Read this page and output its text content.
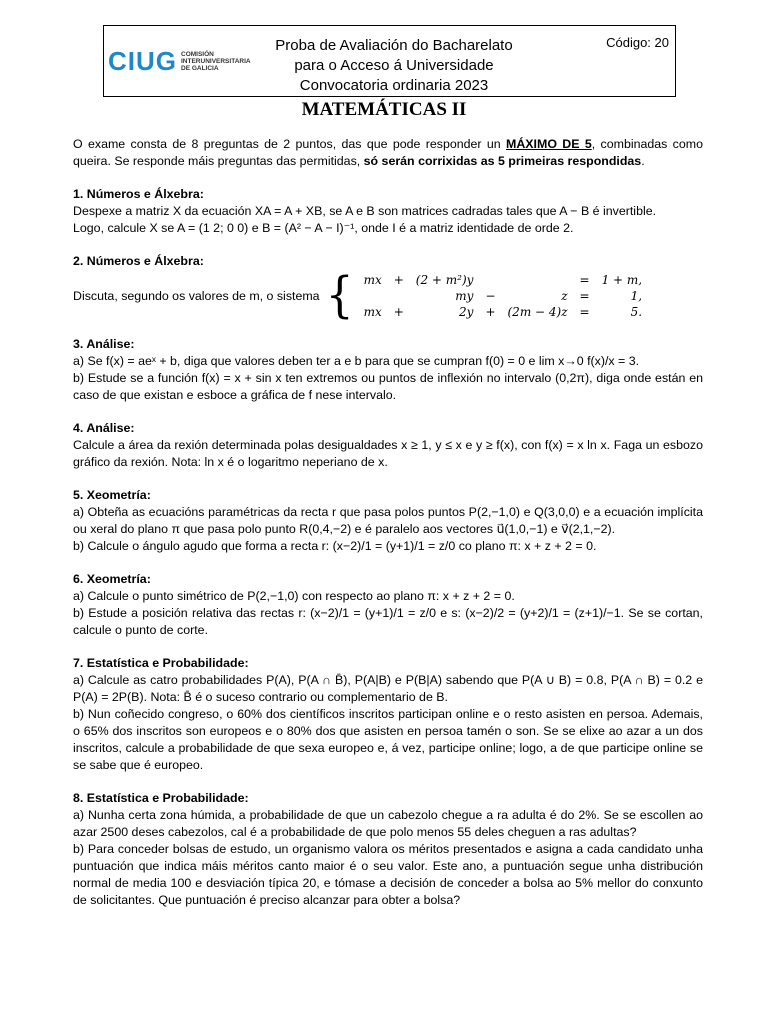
CIUG COMISIÓN
INTERUNIVERSITARIA
DE GALICIA
Proba de Avaliación do Bacharelato
para o Acceso á Universidade
Convocatoria ordinaria 2023
Código: 20
MATEMÁTICAS II

O exame consta de 8 preguntas de 2 puntos, das que pode responder un MÁXIMO DE 5, combinadas como queira. Se responde máis preguntas das permitidas, só serán corrixidas as 5 primeiras respondidas.

1. Números e Álxebra:
Despexe a matriz X da ecuación XA = A + XB, se A e B son matrices cadradas tales que A − B é invertible.
Logo, calcule X se A = (1 2; 0 0) e B = (A² − A − I)⁻¹, onde I é a matriz identidade de orde 2.
2. Números e Álxebra:
Discuta, segundo os valores de m, o sistema { mx	+	(2 + m²)y			=	1 + m,
		my	−	z	=	1,
mx	+	2y	+	(2m − 4)z	=	5.
3. Análise:
a) Se f(x) = aeˣ + b, diga que valores deben ter a e b para que se cumpran f(0) = 0 e lim x→0 f(x)/x = 3.
b) Estude se a función f(x) = x + sin x ten extremos ou puntos de inflexión no intervalo (0,2π), diga onde están en caso de que existan e esboce a gráfica de f nese intervalo.
4. Análise:
Calcule a área da rexión determinada polas desigualdades x ≥ 1, y ≤ x e y ≥ f(x), con f(x) = x ln x. Faga un esbozo gráfico da rexión. Nota: ln x é o logaritmo neperiano de x.
5. Xeometría:
a) Obteña as ecuacións paramétricas da recta r que pasa polos puntos P(2,−1,0) e Q(3,0,0) e a ecuación implícita ou xeral do plano π que pasa polo punto R(0,4,−2) e é paralelo aos vectores u⃗(1,0,−1) e v⃗(2,1,−2).
b) Calcule o ángulo agudo que forma a recta r: (x−2)/1 = (y+1)/1 = z/0 co plano π: x + z + 2 = 0.
6. Xeometría:
a) Calcule o punto simétrico de P(2,−1,0) con respecto ao plano π: x + z + 2 = 0.
b) Estude a posición relativa das rectas r: (x−2)/1 = (y+1)/1 = z/0 e s: (x−2)/2 = (y+2)/1 = (z+1)/−1. Se se cortan, calcule o punto de corte.
7. Estatística e Probabilidade:
a) Calcule as catro probabilidades P(A), P(A ∩ B̄), P(A|B) e P(B|A) sabendo que P(A ∪ B) = 0.8, P(A ∩ B) = 0.2 e P(A) = 2P(B). Nota: B̄ é o suceso contrario ou complementario de B.
b) Nun coñecido congreso, o 60% dos científicos inscritos participan online e o resto asisten en persoa. Ademais, o 65% dos inscritos son europeos e o 80% dos que asisten en persoa tamén o son. Se se elixe ao azar a un dos inscritos, calcule a probabilidade de que sexa europeo e, á vez, participe online; logo, a de que participe online se se sabe que é europeo.
8. Estatística e Probabilidade:
a) Nunha certa zona húmida, a probabilidade de que un cabezolo chegue a ra adulta é do 2%. Se se escollen ao azar 2500 deses cabezolos, cal é a probabilidade de que polo menos 55 deles cheguen a ras adultas?
b) Para conceder bolsas de estudo, un organismo valora os méritos presentados e asigna a cada candidato unha puntuación que indica máis méritos canto maior é o seu valor. Este ano, a puntuación segue unha distribución normal de media 100 e desviación típica 20, e tómase a decisión de conceder a bolsa ao 5% mellor do conxunto de solicitantes. Que puntuación é preciso alcanzar para obter a bolsa?
